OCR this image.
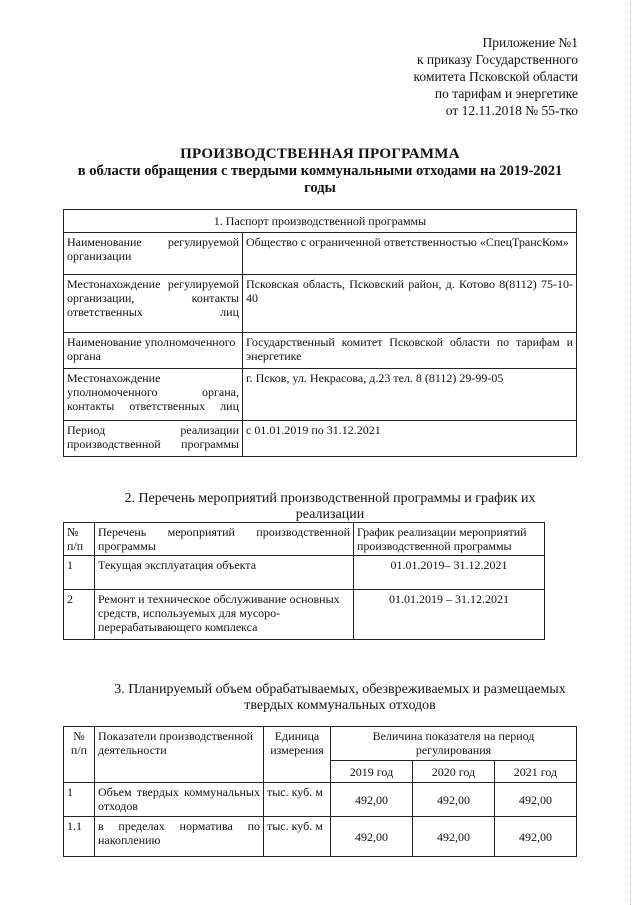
Приложение №1
к приказу Государственного
комитета Псковской области
по тарифам и энергетике
от 12.11.2018 № 55-тко
ПРОИЗВОДСТВЕННАЯ ПРОГРАММА
в области обращения с твердыми коммунальными отходами на 2019-2021
годы
1. Паспорт производственной программы	
Наименование регулируемой организации	Общество с ограниченной ответственностью «СпецТрансКом»
Местонахождение регулируемой организации, контакты ответственных лиц	Псковская область, Псковский район, д. Котово 8(8112) 75-10-40
Наименование уполномоченного органа	Государственный комитет Псковской области по тарифам и энергетике
Местонахождение уполномоченного органа, контакты ответственных лиц	г. Псков, ул. Некрасова, д.23 тел. 8 (8112) 29-99-05
Период реализации производственной программы	с 01.01.2019 по 31.12.2021
2. Перечень мероприятий производственной программы и график их
реализации
№ п/п	Перечень мероприятий производственной программы	График реализации мероприятий производственной программы
1	Текущая эксплуатация объекта	01.01.2019– 31.12.2021
2	Ремонт и техническое обслуживание основных средств, используемых для мусоро-перерабатывающего комплекса	01.01.2019 – 31.12.2021
3. Планируемый объем обрабатываемых, обезвреживаемых и размещаемых
твердых коммунальных отходов
№ п/п	Показатели производственной деятельности	Единица измерения	Величина показателя на период регулирования		
			2019 год	2020 год	2021 год
1	Объем твердых коммунальных отходов	тыс. куб. м	492,00	492,00	492,00
1.1	в пределах норматива по накоплению	тыс. куб. м	492,00	492,00	492,00
